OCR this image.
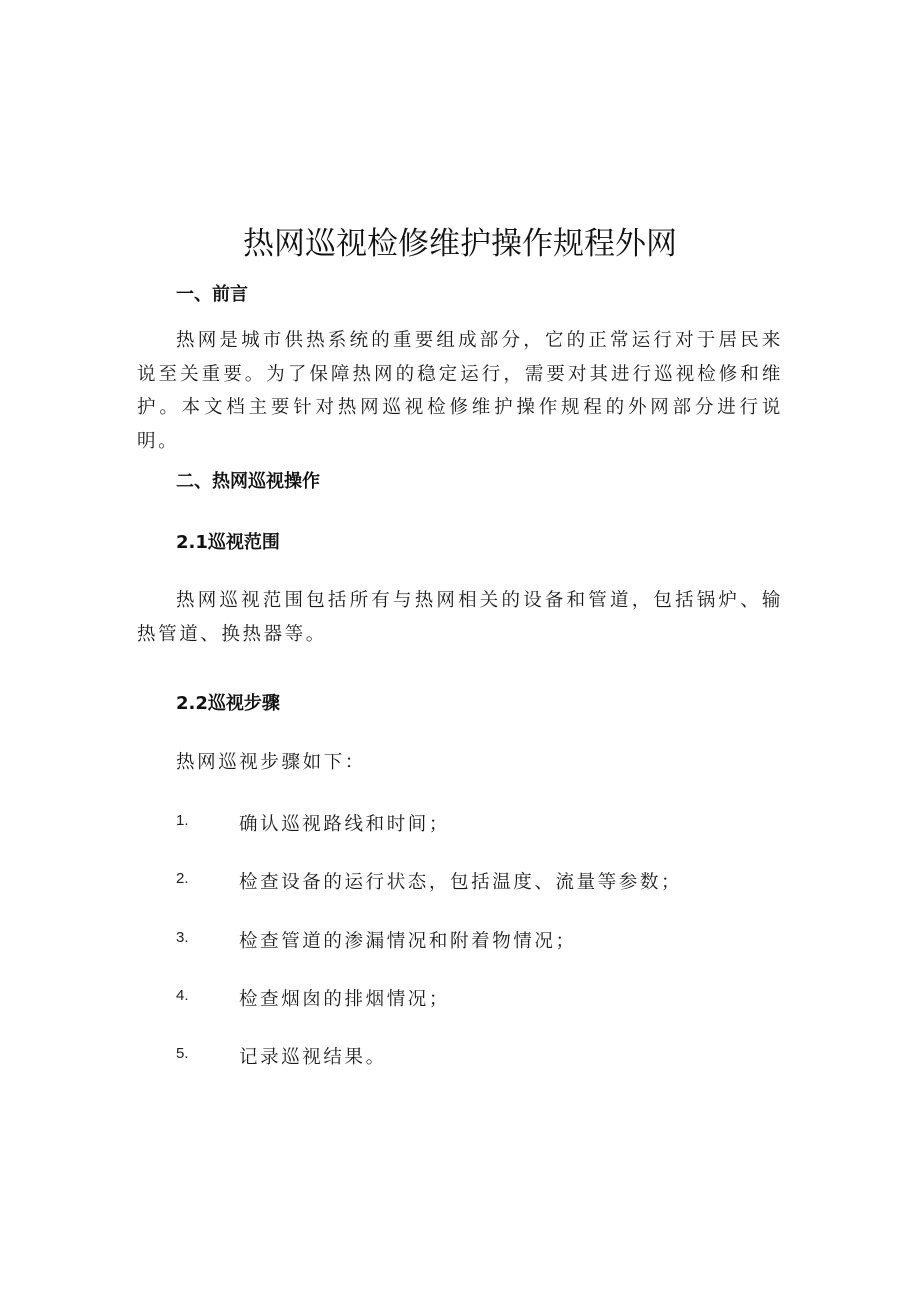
热网巡视检修维护操作规程外网
一、前言
热网是城市供热系统的重要组成部分，它的正常运行对于居民来说至关重要。为了保障热网的稳定运行，需要对其进行巡视检修和维护。本文档主要针对热网巡视检修维护操作规程的外网部分进行说明。
二、热网巡视操作
2.1巡视范围
热网巡视范围包括所有与热网相关的设备和管道，包括锅炉、输热管道、换热器等。
2.2巡视步骤
热网巡视步骤如下：
1.	确认巡视路线和时间；
2.	检查设备的运行状态，包括温度、流量等参数；
3.	检查管道的渗漏情况和附着物情况；
4.	检查烟囱的排烟情况；
5.	记录巡视结果。
